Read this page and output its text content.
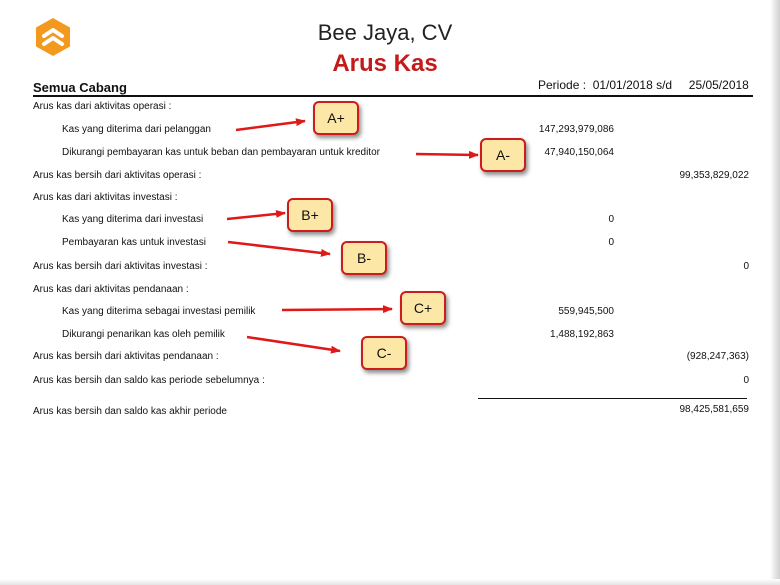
Bee Jaya, CV
Arus Kas
Semua Cabang	Periode : 01/01/2018 s/d 25/05/2018
Arus kas dari aktivitas operasi :
Kas yang diterima dari pelanggan	147,293,979,086
Dikurangi pembayaran kas untuk beban dan pembayaran untuk kreditor	47,940,150,064
Arus kas bersih dari aktivitas operasi :	99,353,829,022
Arus kas dari aktivitas investasi :
Kas yang diterima dari investasi	0
Pembayaran kas untuk investasi	0
Arus kas bersih dari aktivitas investasi :	0
Arus kas dari aktivitas pendanaan :
Kas yang diterima sebagai investasi pemilik	559,945,500
Dikurangi penarikan kas oleh pemilik	1,488,192,863
Arus kas bersih dari aktivitas pendanaan :	(928,247,363)
Arus kas bersih dan saldo kas periode sebelumnya :	0
Arus kas bersih dan saldo kas akhir periode	98,425,581,659
A+
A-
B+
B-
C+
C-
